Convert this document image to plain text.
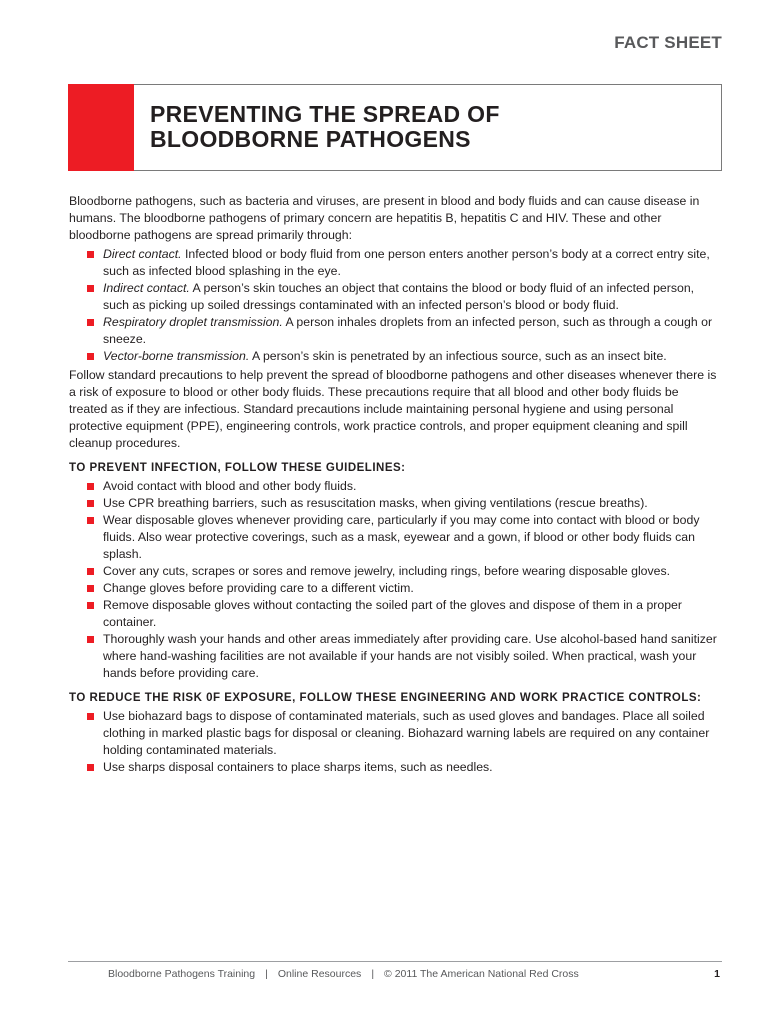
FACT SHEET
PREVENTING THE SPREAD OF
BLOODBORNE PATHOGENS

Bloodborne pathogens, such as bacteria and viruses, are present in blood and body fluids and can cause disease in humans. The bloodborne pathogens of primary concern are hepatitis B, hepatitis C and HIV. These and other bloodborne pathogens are spread primarily through:

Direct contact. Infected blood or body fluid from one person enters another person’s body at a correct entry site, such as infected blood splashing in the eye.
Indirect contact. A person’s skin touches an object that contains the blood or body fluid of an infected person, such as picking up soiled dressings contaminated with an infected person’s blood or body fluid.
Respiratory droplet transmission. A person inhales droplets from an infected person, such as through a cough or sneeze.
Vector-borne transmission. A person’s skin is penetrated by an infectious source, such as an insect bite.

Follow standard precautions to help prevent the spread of bloodborne pathogens and other diseases whenever there is a risk of exposure to blood or other body fluids. These precautions require that all blood and other body fluids be treated as if they are infectious. Standard precautions include maintaining personal hygiene and using personal protective equipment (PPE), engineering controls, work practice controls, and proper equipment cleaning and spill cleanup procedures.

TO PREVENT INFECTION, FOLLOW THESE GUIDELINES:
Avoid contact with blood and other body fluids.
Use CPR breathing barriers, such as resuscitation masks, when giving ventilations (rescue breaths).
Wear disposable gloves whenever providing care, particularly if you may come into contact with blood or body fluids. Also wear protective coverings, such as a mask, eyewear and a gown, if blood or other body fluids can splash.
Cover any cuts, scrapes or sores and remove jewelry, including rings, before wearing disposable gloves.
Change gloves before providing care to a different victim.
Remove disposable gloves without contacting the soiled part of the gloves and dispose of them in a proper container.
Thoroughly wash your hands and other areas immediately after providing care. Use alcohol-based hand sanitizer where hand-washing facilities are not available if your hands are not visibly soiled. When practical, wash your hands before providing care.
TO REDUCE THE RISK 0F EXPOSURE, FOLLOW THESE ENGINEERING AND WORK PRACTICE CONTROLS:
Use biohazard bags to dispose of contaminated materials, such as used gloves and bandages. Place all soiled clothing in marked plastic bags for disposal or cleaning. Biohazard warning labels are required on any container holding contaminated materials.
Use sharps disposal containers to place sharps items, such as needles.
Bloodborne Pathogens Training | Online Resources | © 2011 The American National Red Cross	1
